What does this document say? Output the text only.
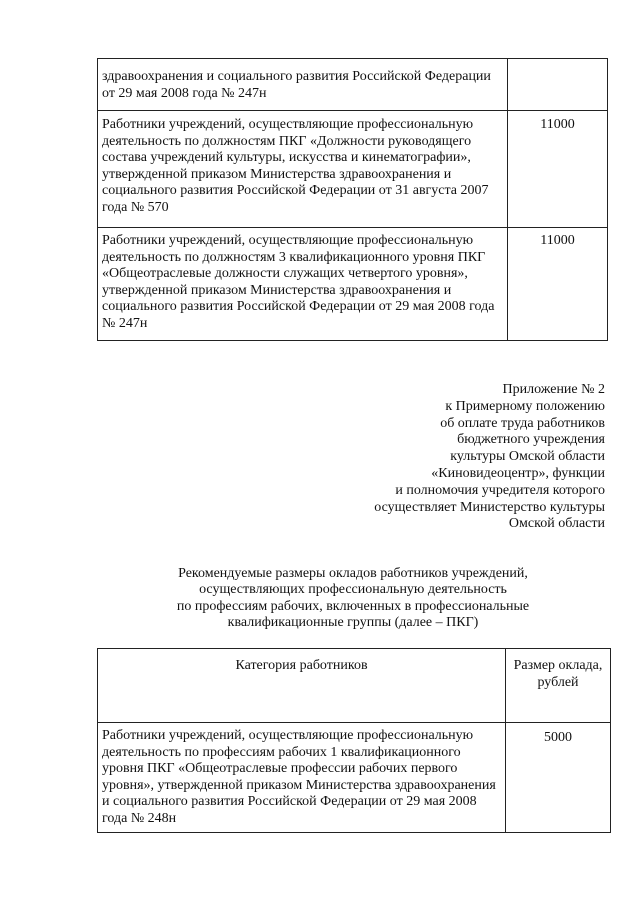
здравоохранения и социального развития Российской Федерации от 29 мая 2008 года № 247н	
Работники учреждений, осуществляющие профессиональную деятельность по должностям ПКГ «Должности руководящего состава учреждений культуры, искусства и кинематографии», утвержденной приказом Министерства здравоохранения и социального развития Российской Федерации от 31 августа 2007 года № 570	11000
Работники учреждений, осуществляющие профессиональную деятельность по должностям 3 квалификационного уровня ПКГ «Общеотраслевые должности служащих четвертого уровня», утвержденной приказом Министерства здравоохранения и социального развития Российской Федерации от 29 мая 2008 года № 247н	11000
Приложение № 2
к Примерному положению
об оплате труда работников
бюджетного учреждения
культуры Омской области
«Киновидеоцентр», функции
и полномочия учредителя которого
осуществляет Министерство культуры
Омской области
Рекомендуемые размеры окладов работников учреждений,
осуществляющих профессиональную деятельность
по профессиям рабочих, включенных в профессиональные
квалификационные группы (далее – ПКГ)
Категория работников	Размер оклада, рублей
Работники учреждений, осуществляющие профессиональную деятельность по профессиям рабочих 1 квалификационного уровня ПКГ «Общеотраслевые профессии рабочих первого уровня», утвержденной приказом Министерства здравоохранения и социального развития Российской Федерации от 29 мая 2008 года № 248н	5000
